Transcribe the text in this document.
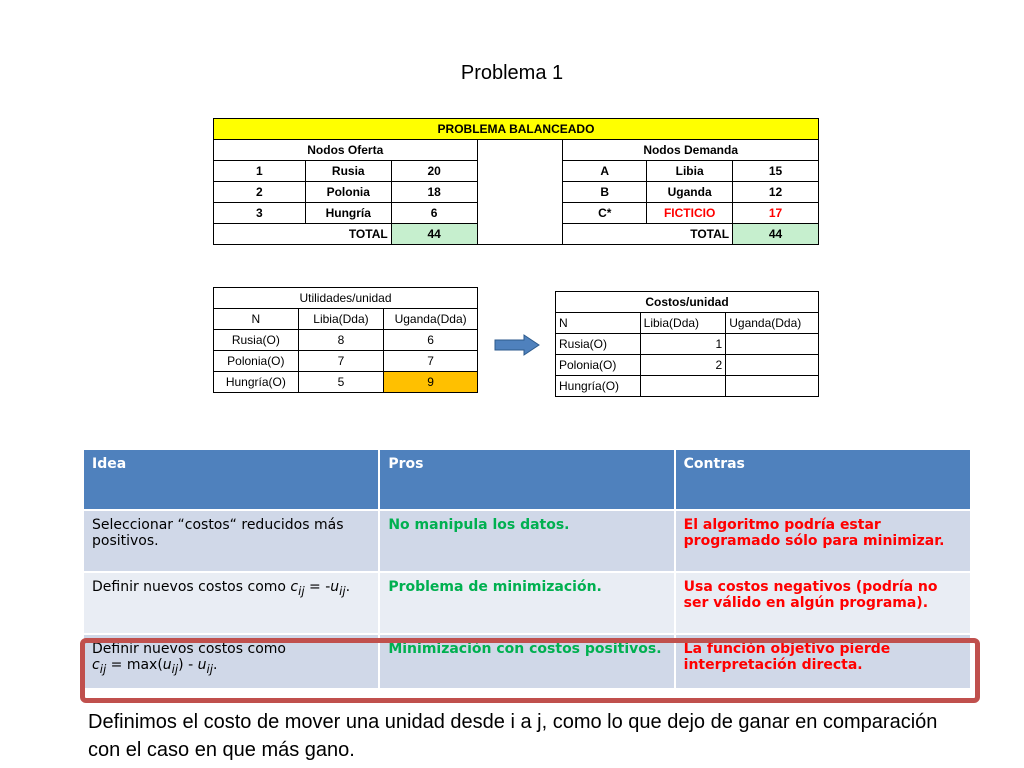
Problema 1
PROBLEMA BALANCEADO						
Nodos Oferta				Nodos Demanda		
1	Rusia	20		A	Libia	15
2	Polonia	18		B	Uganda	12
3	Hungría	6		C*	FICTICIO	17
TOTAL		44		TOTAL		44
Utilidades/unidad		
N	Libia(Dda)	Uganda(Dda)
Rusia(O)	8	6
Polonia(O)	7	7
Hungría(O)	5	9
Costos/unidad		
N	Libia(Dda)	Uganda(Dda)
Rusia(O)	1	
Polonia(O)	2	
Hungría(O)		
Idea	Pros	Contras
Seleccionar “costos“ reducidos más positivos.	No manipula los datos.	El algoritmo podría estar programado sólo para minimizar.
Definir nuevos costos como $c_{ij} = -u_{ij}$.	Problema de minimización.	Usa costos negativos (podría no ser válido en algún programa).
Definir nuevos costos como
$c_{ij} = \max(u_{ij}) - u_{ij}$.	Minimización con costos positivos.	La función objetivo pierde interpretación directa.
Definimos el costo de mover una unidad desde i a j, como lo que dejo de ganar en comparación con el caso en que más gano.
